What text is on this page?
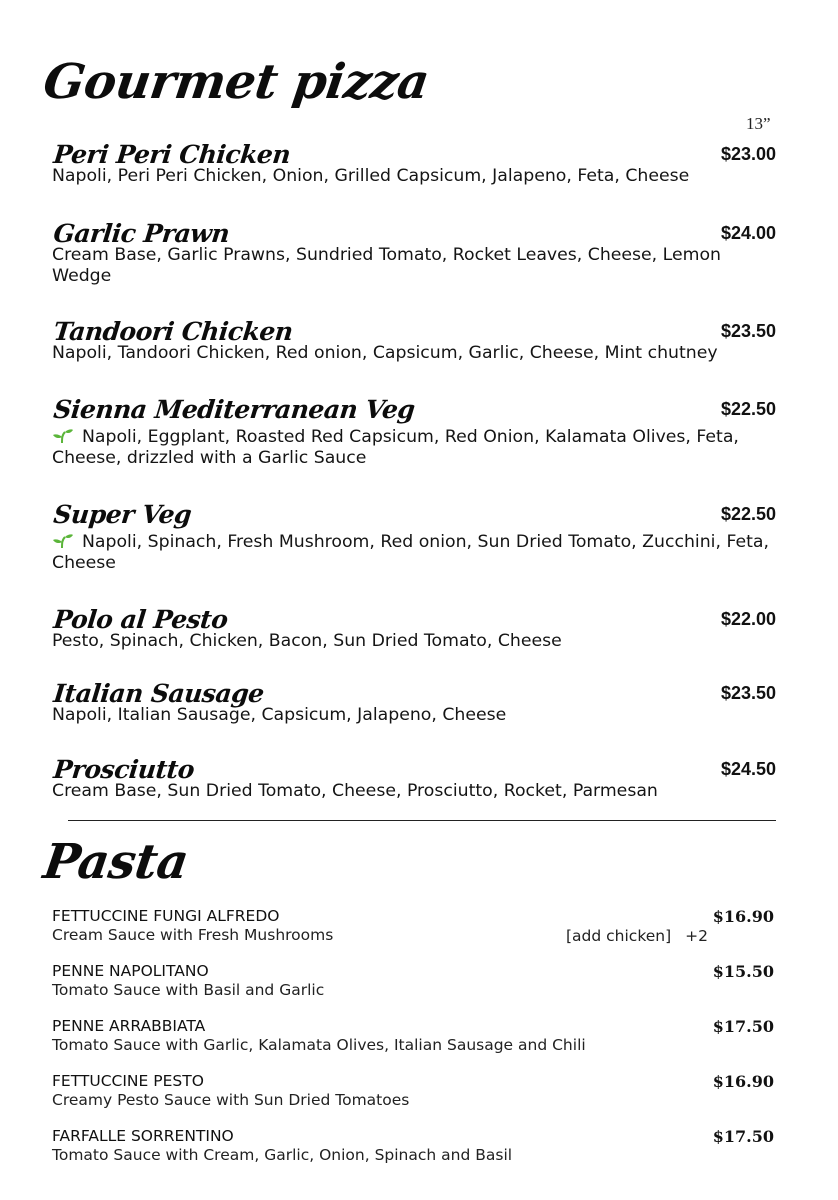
Gourmet pizza
13”
Peri Peri Chicken	$23.00
Napoli, Peri Peri Chicken, Onion, Grilled Capsicum, Jalapeno, Feta, Cheese
Garlic Prawn	$24.00
Cream Base, Garlic Prawns, Sundried Tomato, Rocket Leaves, Cheese, Lemon Wedge
Tandoori Chicken	$23.50
Napoli, Tandoori Chicken, Red onion, Capsicum, Garlic, Cheese, Mint chutney
Sienna Mediterranean Veg	$22.50
Napoli, Eggplant, Roasted Red Capsicum, Red Onion, Kalamata Olives, Feta, Cheese, drizzled with a Garlic Sauce
Super Veg	$22.50
Napoli, Spinach, Fresh Mushroom, Red onion, Sun Dried Tomato, Zucchini, Feta, Cheese
Polo al Pesto	$22.00
Pesto, Spinach, Chicken, Bacon, Sun Dried Tomato, Cheese
Italian Sausage	$23.50
Napoli, Italian Sausage, Capsicum, Jalapeno, Cheese
Prosciutto	$24.50
Cream Base, Sun Dried Tomato, Cheese, Prosciutto, Rocket, Parmesan
Pasta
FETTUCCINE FUNGI ALFREDO
Cream Sauce with Fresh Mushrooms
$16.90
[add chicken] +2
PENNE NAPOLITANO
Tomato Sauce with Basil and Garlic
$15.50
PENNE ARRABBIATA
Tomato Sauce with Garlic, Kalamata Olives, Italian Sausage and Chili
$17.50
FETTUCCINE PESTO
Creamy Pesto Sauce with Sun Dried Tomatoes
$16.90
FARFALLE SORRENTINO
Tomato Sauce with Cream, Garlic, Onion, Spinach and Basil
$17.50
